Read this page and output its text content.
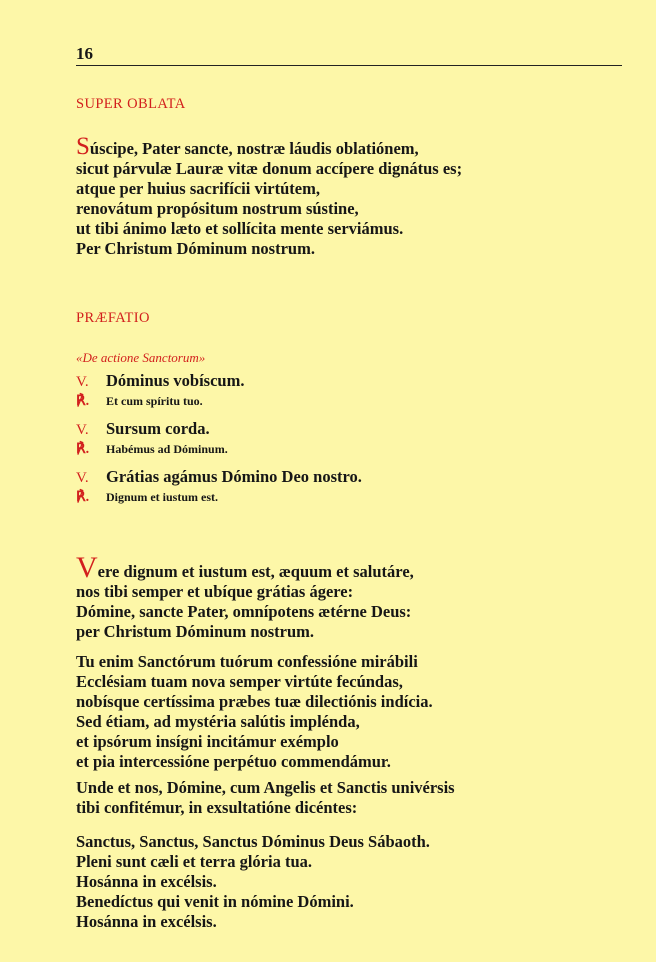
16
SUPER OBLATA
Súscipe, Pater sancte, nostræ láudis oblatiónem,
sicut párvulæ Lauræ vitæ donum accípere dignátus es;
atque per huius sacrifícii virtútem,
renovátum propósitum nostrum sústine,
ut tibi ánimo læto et sollícita mente serviámus.
Per Christum Dóminum nostrum.
PRÆFATIO
«De actione Sanctorum»
V.	Dóminus vobíscum.
℟.	Et cum spíritu tuo.
V.	Sursum corda.
℟.	Habémus ad Dóminum.
V.	Grátias agámus Dómino Deo nostro.
℟.	Dignum et iustum est.
Vere dignum et iustum est, æquum et salutáre,
nos tibi semper et ubíque grátias ágere:
Dómine, sancte Pater, omnípotens ætérne Deus:
per Christum Dóminum nostrum.
Tu enim Sanctórum tuórum confessióne mirábili
Ecclésiam tuam nova semper virtúte fecúndas,
nobísque certíssima præbes tuæ dilectiónis indícia.
Sed étiam, ad mystéria salútis impléndа,
et ipsórum insígni incitámur exémplo
et pia intercessióne perpétuo commendámur.
Unde et nos, Dómine, cum Angelis et Sanctis univérsis
tibi confitémur, in exsultatióne dicéntes:
Sanctus, Sanctus, Sanctus Dóminus Deus Sábaoth.
Pleni sunt cæli et terra glória tua.
Hosánna in excélsis.
Benedíctus qui venit in nómine Dómini.
Hosánna in excélsis.
